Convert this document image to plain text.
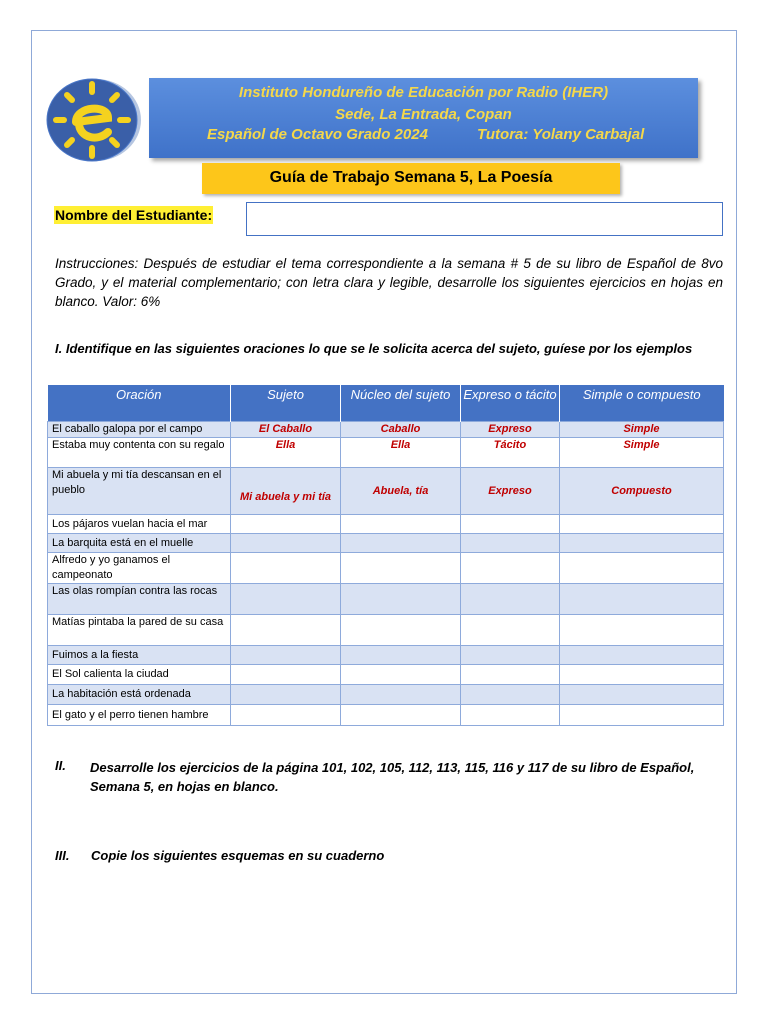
Instituto Hondureño de Educación por Radio (IHER)
Sede, La Entrada, Copan
Español de Octavo Grado 2024	Tutora: Yolany Carbajal
Guía de Trabajo Semana 5, La Poesía
Nombre del Estudiante:
Instrucciones: Después de estudiar el tema correspondiente a la semana # 5 de su libro de Español de 8vo Grado, y el material complementario; con letra clara y legible, desarrolle los siguientes ejercicios en hojas en blanco. Valor: 6%
I. Identifique en las siguientes oraciones lo que se le solicita acerca del sujeto, guíese por los ejemplos
Oración	Sujeto	Núcleo del sujeto	Expreso o tácito	Simple o compuesto
El caballo galopa por el campo	El Caballo	Caballo	Expreso	Simple
Estaba muy contenta con su regalo	Ella	Ella	Tácito	Simple
Mi abuela y mi tía descansan en el pueblo	Mi abuela y mi tía	Abuela, tía	Expreso	Compuesto
Los pájaros vuelan hacia el mar				
La barquita está en el muelle				
Alfredo y yo ganamos el campeonato				
Las olas rompían contra las rocas				
Matías pintaba la pared de su casa				
Fuimos a la fiesta				
El Sol calienta la ciudad				
La habitación está ordenada				
El gato y el perro tienen hambre				
II. Desarrolle los ejercicios de la página 101, 102, 105, 112, 113, 115, 116 y 117 de su libro de Español, Semana 5, en hojas en blanco.
III. Copie los siguientes esquemas en su cuaderno
